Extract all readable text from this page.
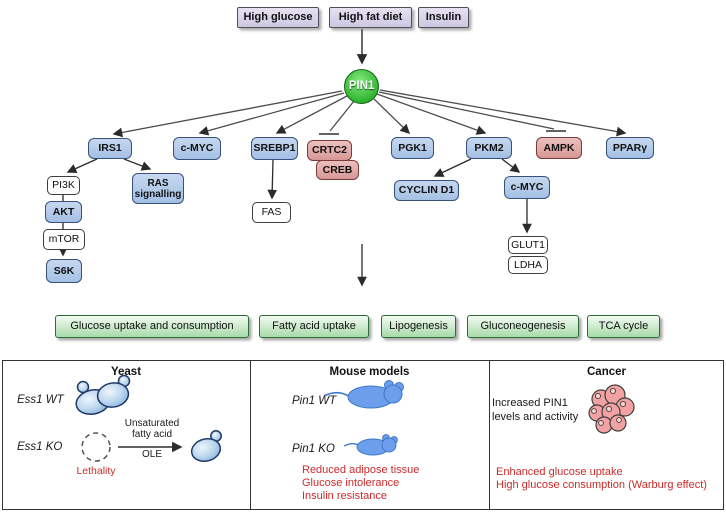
High glucose	High fat diet	Insulin
PIN1
IRS1	c-MYC	SREBP1	CRTC2
CREB
PGK1	PKM2	AMPK	PPARγ
PI3K	RAS signalling
AKT
mTOR
S6K
FAS
CYCLIN D1	c-MYC
GLUT1
LDHA
Glucose uptake and consumption	Fatty acid uptake	Lipogenesis	Gluconeogenesis	TCA cycle
Yeast
Ess1 WT
Ess1 KO
Unsaturated fatty acid
OLE
Lethality
Mouse models
Pin1 WT
Pin1 KO
Reduced adipose tissue
Glucose intolerance
Insulin resistance
Cancer
Increased PIN1 levels and activity
Enhanced glucose uptake
High glucose consumption (Warburg effect)
